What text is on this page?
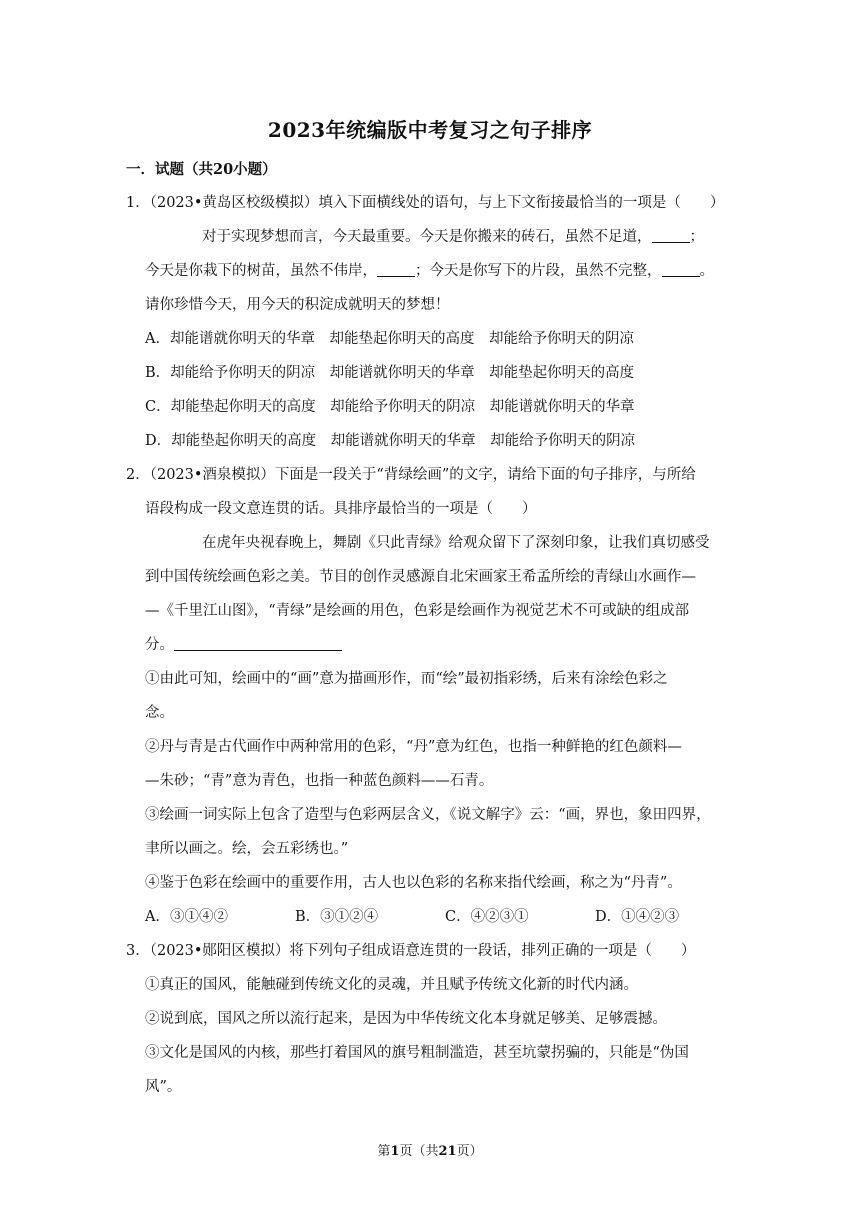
2023年统编版中考复习之句子排序
一．试题（共20小题）
1．（2023•黄岛区校级模拟）填入下面横线处的语句，与上下文衔接最恰当的一项是（　　）
对于实现梦想而言，今天最重要。今天是你搬来的砖石，虽然不足道，	；
今天是你栽下的树苗，虽然不伟岸，	；今天是你写下的片段，虽然不完整，	。
请你珍惜今天，用今天的积淀成就明天的梦想！
A．却能谱就你明天的华章　却能垫起你明天的高度　却能给予你明天的阴凉
B．却能给予你明天的阴凉　却能谱就你明天的华章　却能垫起你明天的高度
C．却能垫起你明天的高度　却能给予你明天的阴凉　却能谱就你明天的华章
D．却能垫起你明天的高度　却能谱就你明天的华章　却能给予你明天的阴凉
2．（2023•酒泉模拟）下面是一段关于“背绿绘画”的文字，请给下面的句子排序，与所给
语段构成一段文意连贯的话。具排序最恰当的一项是（　　）
在虎年央视春晚上，舞剧《只此青绿》给观众留下了深刻印象，让我们真切感受
到中国传统绘画色彩之美。节目的创作灵感源自北宋画家王希孟所绘的青绿山水画作—
—《千里江山图》，“青绿”是绘画的用色，色彩是绘画作为视觉艺术不可或缺的组成部
分。
①由此可知，绘画中的“画”意为描画形作，而“绘”最初指彩绣，后来有涂绘色彩之
念。
②丹与青是古代画作中两种常用的色彩，“丹”意为红色，也指一种鲜艳的红色颜料—
—朱砂；“青”意为青色，也指一种蓝色颜料——石青。
③绘画一词实际上包含了造型与色彩两层含义，《说文解字》云：“画，界也，象田四界，
聿所以画之。绘，会五彩绣也。”
④鉴于色彩在绘画中的重要作用，古人也以色彩的名称来指代绘画，称之为“丹青”。
A．③①④②	B．③①②④	C．④②③①	D．①④②③
3．（2023•郧阳区模拟）将下列句子组成语意连贯的一段话，排列正确的一项是（　　）
①真正的国风，能触碰到传统文化的灵魂，并且赋予传统文化新的时代内涵。
②说到底，国风之所以流行起来，是因为中华传统文化本身就足够美、足够震撼。
③文化是国风的内核，那些打着国风的旗号粗制滥造，甚至坑蒙拐骗的，只能是“伪国
风”。
第1页（共21页）
